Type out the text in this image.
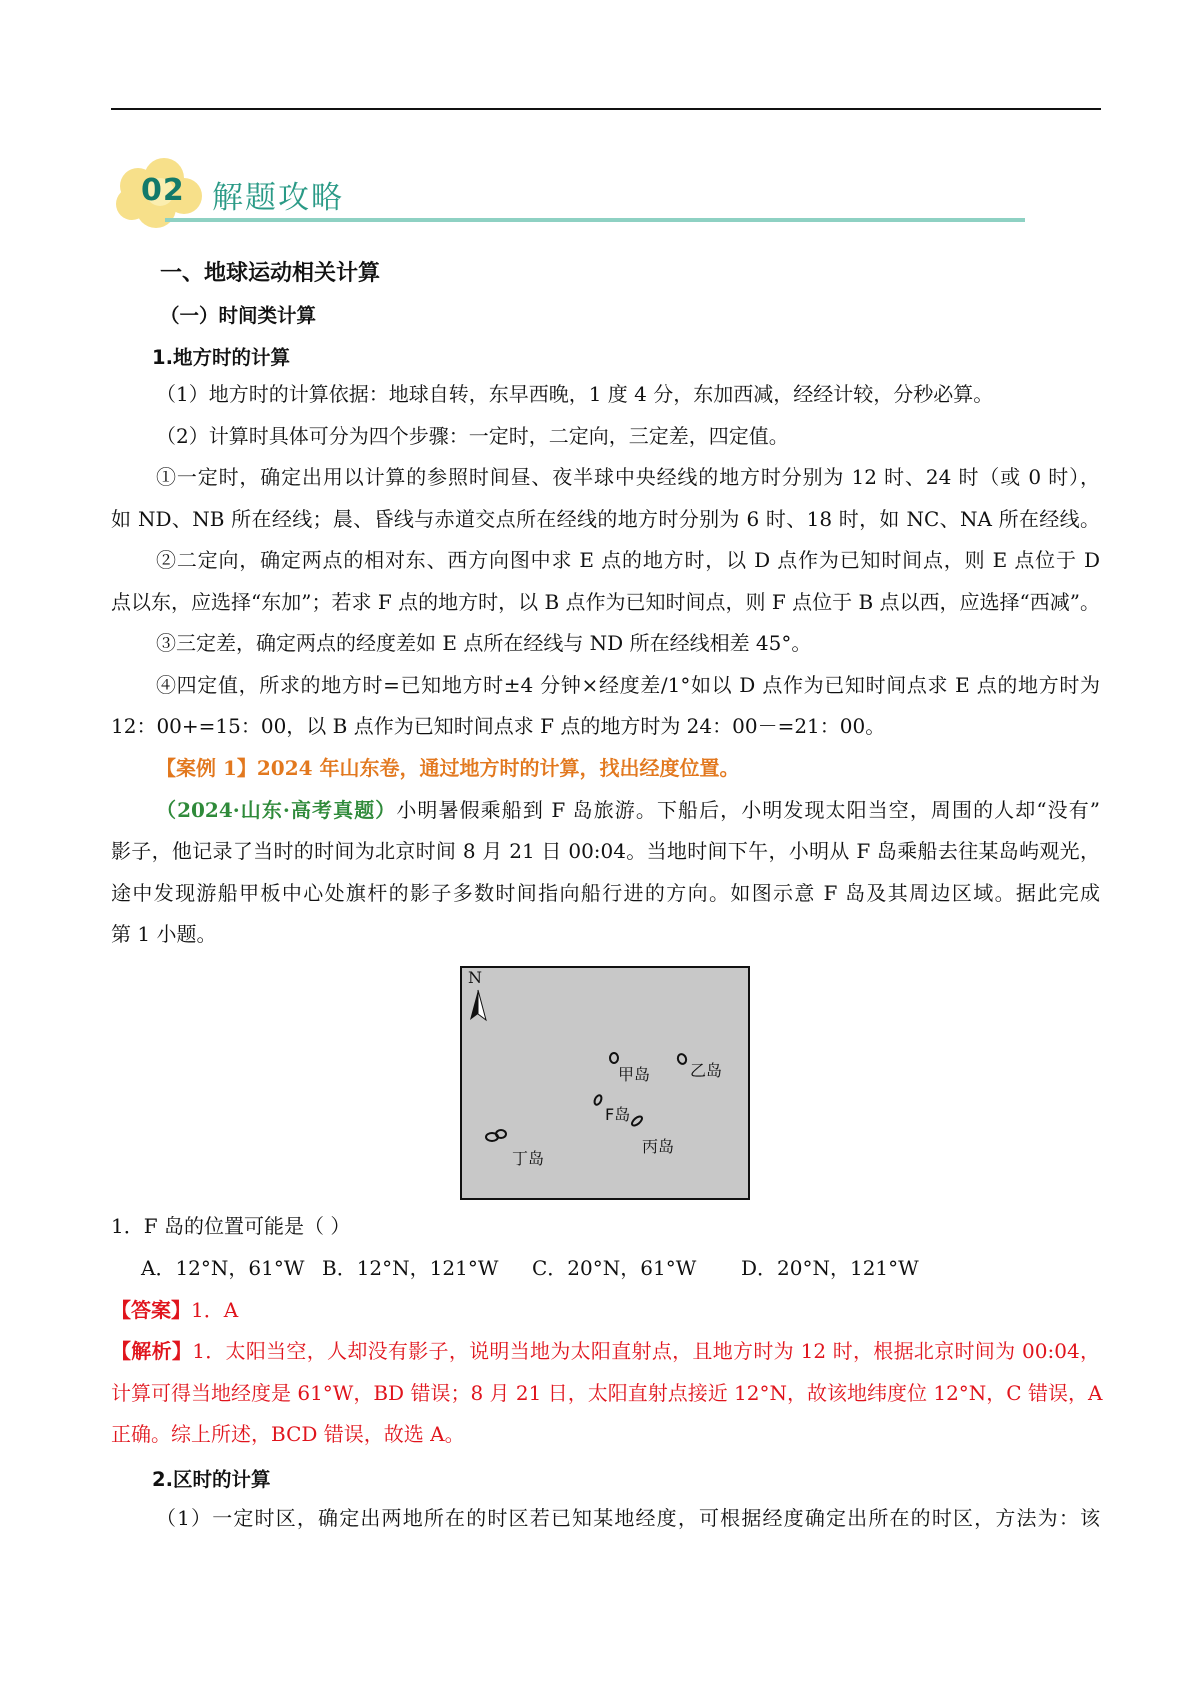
02 解题攻略
一、地球运动相关计算
（一）时间类计算
1.地方时的计算
（1）地方时的计算依据：地球自转，东早西晚，1 度 4 分，东加西减，经经计较，分秒必算。
（2）计算时具体可分为四个步骤：一定时，二定向，三定差，四定值。
①一定时，确定出用以计算的参照时间昼、夜半球中央经线的地方时分别为 12 时、24 时（或 0 时），
如 ND、NB 所在经线；晨、昏线与赤道交点所在经线的地方时分别为 6 时、18 时，如 NC、NA 所在经线。
②二定向，确定两点的相对东、西方向图中求 E 点的地方时，以 D 点作为已知时间点，则 E 点位于 D
点以东，应选择“东加”；若求 F 点的地方时，以 B 点作为已知时间点，则 F 点位于 B 点以西，应选择“西减”。
③三定差，确定两点的经度差如 E 点所在经线与 ND 所在经线相差 45°。
④四定值，所求的地方时=已知地方时±4 分钟×经度差/1°如以 D 点作为已知时间点求 E 点的地方时为
12：00+=15：00，以 B 点作为已知时间点求 F 点的地方时为 24：00－=21：00。
【案例 1】2024 年山东卷，通过地方时的计算，找出经度位置。
（2024·山东·高考真题）小明暑假乘船到 F 岛旅游。下船后，小明发现太阳当空，周围的人却“没有”
影子，他记录了当时的时间为北京时间 8 月 21 日 00:04。当地时间下午，小明从 F 岛乘船去往某岛屿观光，
途中发现游船甲板中心处旗杆的影子多数时间指向船行进的方向。如图示意 F 岛及其周边区域。据此完成
第 1 小题。
N
甲岛 乙岛
F岛
丙岛
丁岛
1．F 岛的位置可能是（ ）
A．12°N，61°W B．12°N，121°W C．20°N，61°W D．20°N，121°W
【答案】1．A
【解析】1．太阳当空，人却没有影子，说明当地为太阳直射点，且地方时为 12 时，根据北京时间为 00:04，
计算可得当地经度是 61°W，BD 错误；8 月 21 日，太阳直射点接近 12°N，故该地纬度位 12°N，C 错误，A
正确。综上所述，BCD 错误，故选 A。
2.区时的计算
（1）一定时区，确定出两地所在的时区若已知某地经度，可根据经度确定出所在的时区，方法为：该
